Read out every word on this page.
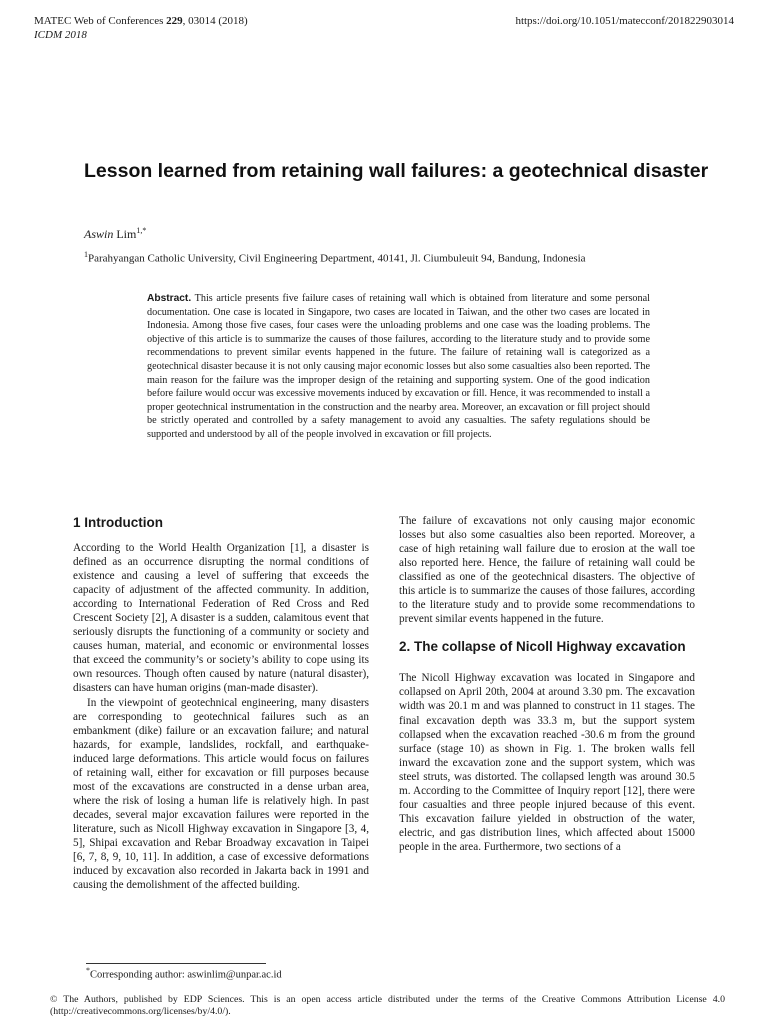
MATEC Web of Conferences 229, 03014 (2018)
ICDM 2018
https://doi.org/10.1051/matecconf/201822903014
Lesson learned from retaining wall failures: a geotechnical disaster
Aswin Lim$^{1,*}$
$^1$Parahyangan Catholic University, Civil Engineering Department, 40141, Jl. Ciumbuleuit 94, Bandung, Indonesia
Abstract. This article presents five failure cases of retaining wall which is obtained from literature and some personal documentation. One case is located in Singapore, two cases are located in Taiwan, and the other two cases are located in Indonesia. Among those five cases, four cases were the unloading problems and one case was the loading problems. The objective of this article is to summarize the causes of those failures, according to the literature study and to provide some recommendations to prevent similar events happened in the future. The failure of retaining wall is categorized as a geotechnical disaster because it is not only causing major economic losses but also some casualties also been reported. The main reason for the failure was the improper design of the retaining and supporting system. One of the good indication before failure would occur was excessive movements induced by excavation or fill. Hence, it was recommended to install a proper geotechnical instrumentation in the construction and the nearby area. Moreover, an excavation or fill project should be strictly operated and controlled by a safety management to avoid any casualties. The safety regulations should be supported and understood by all of the people involved in excavation or fill projects.
1 Introduction

According to the World Health Organization [1], a disaster is defined as an occurrence disrupting the normal conditions of existence and causing a level of suffering that exceeds the capacity of adjustment of the affected community. In addition, according to International Federation of Red Cross and Red Crescent Society [2], A disaster is a sudden, calamitous event that seriously disrupts the functioning of a community or society and causes human, material, and economic or environmental losses that exceed the community’s or society’s ability to cope using its own resources. Though often caused by nature (natural disaster), disasters can have human origins (man-made disaster).

In the viewpoint of geotechnical engineering, many disasters are corresponding to geotechnical failures such as an embankment (dike) failure or an excavation failure; and natural hazards, for example, landslides, rockfall, and earthquake-induced large deformations. This article would focus on failures of retaining wall, either for excavation or fill purposes because most of the excavations are constructed in a dense urban area, where the risk of losing a human life is relatively high. In past decades, several major excavation failures were reported in the literature, such as Nicoll Highway excavation in Singapore [3, 4, 5], Shipai excavation and Rebar Broadway excavation in Taipei [6, 7, 8, 9, 10, 11]. In addition, a case of excessive deformations induced by excavation also recorded in Jakarta back in 1991 and causing the demolishment of the affected building.

The failure of excavations not only causing major economic losses but also some casualties also been reported. Moreover, a case of high retaining wall failure due to erosion at the wall toe also reported here. Hence, the failure of retaining wall could be classified as one of the geotechnical disasters. The objective of this article is to summarize the causes of those failures, according to the literature study and to provide some recommendations to prevent similar events happened in the future.

2. The collapse of Nicoll Highway excavation

The Nicoll Highway excavation was located in Singapore and collapsed on April 20th, 2004 at around 3.30 pm. The excavation width was 20.1 m and was planned to construct in 11 stages. The final excavation depth was 33.3 m, but the support system collapsed when the excavation reached -30.6 m from the ground surface (stage 10) as shown in Fig. 1. The broken walls fell inward the excavation zone and the support system, which was steel struts, was distorted. The collapsed length was around 30.5 m. According to the Committee of Inquiry report [12], there were four casualties and three people injured because of this event. This excavation failure yielded in obstruction of the water, electric, and gas distribution lines, which affected about 15000 people in the area. Furthermore, two sections of a

*Corresponding author: aswinlim@unpar.ac.id
© The Authors, published by EDP Sciences. This is an open access article distributed under the terms of the Creative Commons Attribution License 4.0 (http://creativecommons.org/licenses/by/4.0/).
